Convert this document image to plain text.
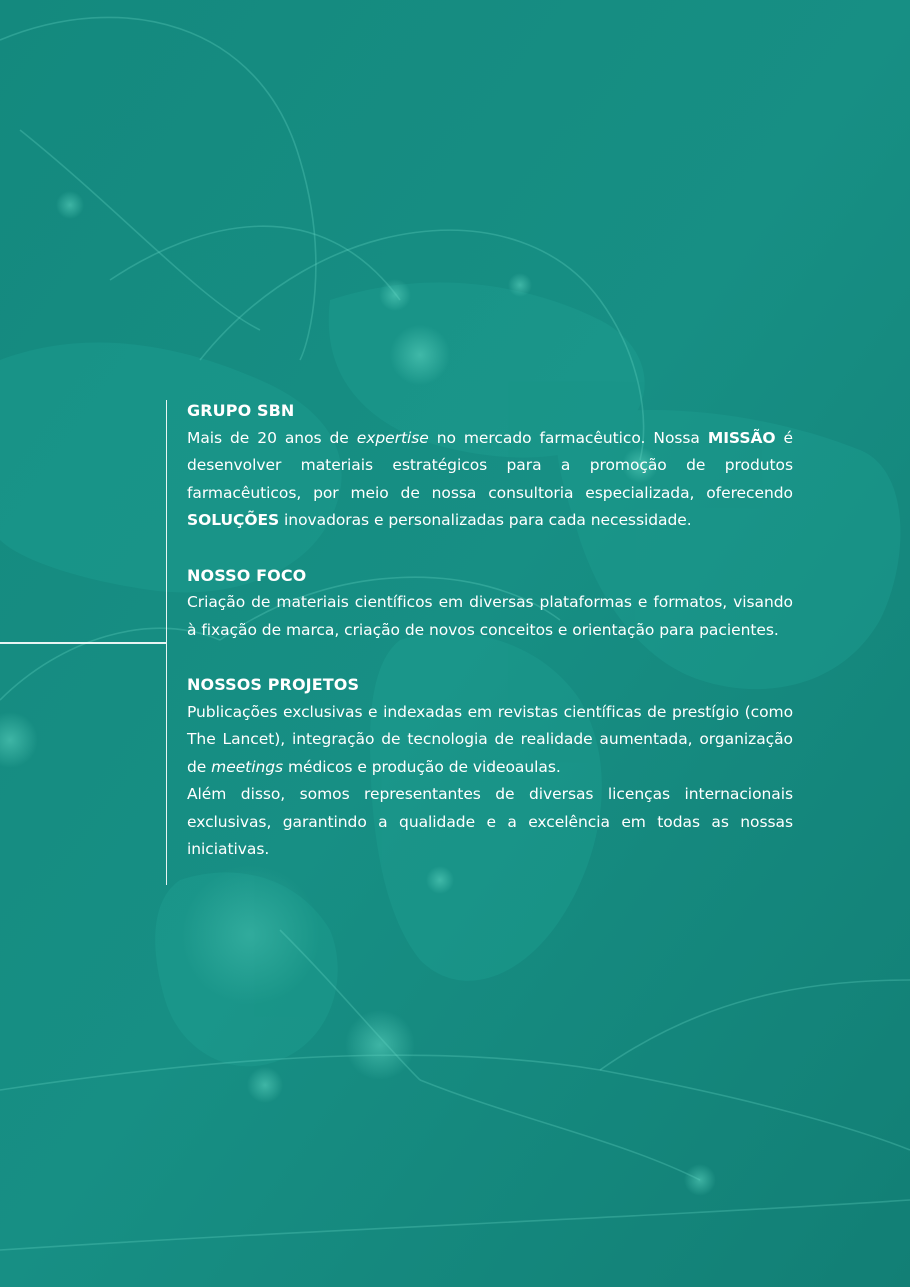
GRUPO SBN

Mais de 20 anos de expertise no mercado farmacêutico. Nossa MISSÃO é desenvolver materiais estratégicos para a promoção de produtos farmacêuticos, por meio de nossa consultoria especializada, oferecendo SOLUÇÕES inovadoras e personalizadas para cada necessidade.

NOSSO FOCO

Criação de materiais científicos em diversas plataformas e formatos, visando à fixação de marca, criação de novos conceitos e orientação para pacientes.

NOSSOS PROJETOS

Publicações exclusivas e indexadas em revistas científicas de prestígio (como The Lancet), integração de tecnologia de realidade aumentada, organização de meetings médicos e produção de videoaulas.

Além disso, somos representantes de diversas licenças internacionais exclusivas, garantindo a qualidade e a excelência em todas as nossas iniciativas.
